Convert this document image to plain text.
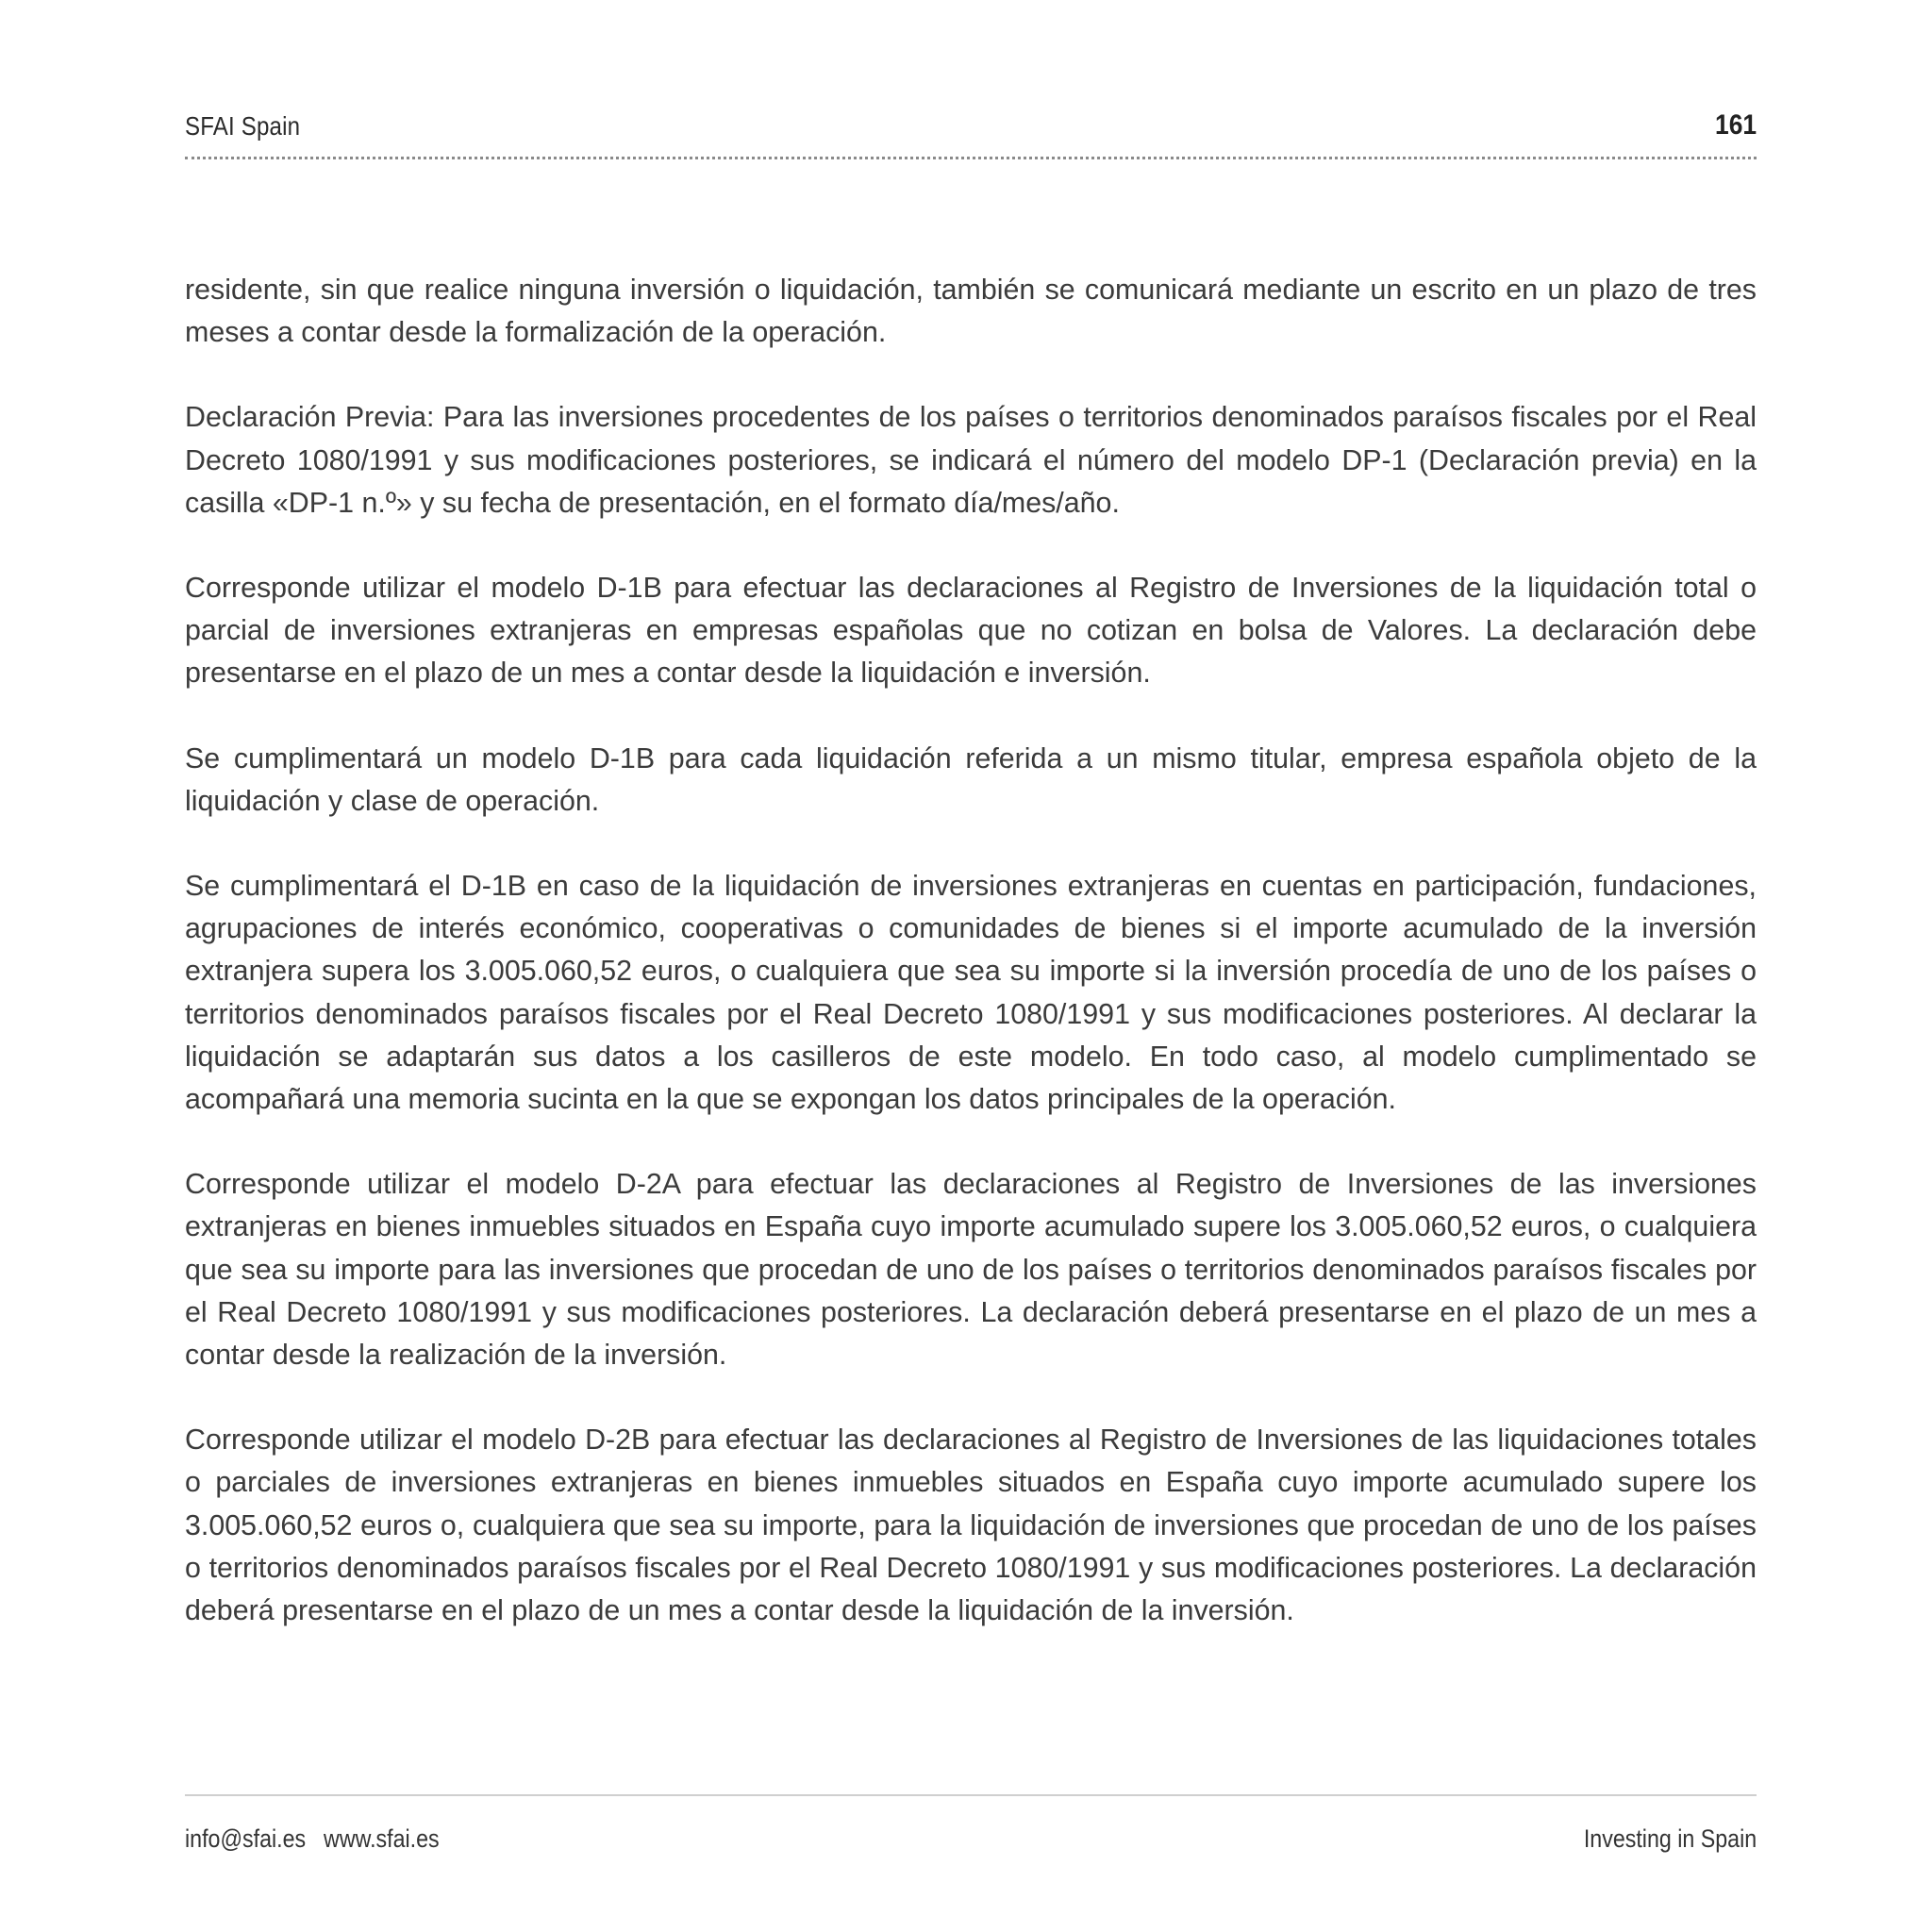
SFAI Spain	161

residente, sin que realice ninguna inversión o liquidación, también se comunicará mediante un escrito en un plazo de tres meses a contar desde la formalización de la operación.

Declaración Previa: Para las inversiones procedentes de los países o territorios denominados paraísos fiscales por el Real Decreto 1080/1991 y sus modificaciones posteriores, se indicará el número del modelo DP-1 (Declaración previa) en la casilla «DP-1 n.º» y su fecha de presentación, en el formato día/mes/año.

Corresponde utilizar el modelo D-1B para efectuar las declaraciones al Registro de Inversiones de la liquidación total o parcial de inversiones extranjeras en empresas españolas que no cotizan en bolsa de Valores. La declaración debe presentarse en el plazo de un mes a contar desde la liquidación e inversión.

Se cumplimentará un modelo D-1B para cada liquidación referida a un mismo titular, empresa española objeto de la liquidación y clase de operación.

Se cumplimentará el D-1B en caso de la liquidación de inversiones extranjeras en cuentas en participación, fundaciones, agrupaciones de interés económico, cooperativas o comunidades de bienes si el importe acumulado de la inversión extranjera supera los 3.005.060,52 euros, o cualquiera que sea su importe si la inversión procedía de uno de los países o territorios denominados paraísos fiscales por el Real Decreto 1080/1991 y sus modificaciones posteriores. Al declarar la liquidación se adaptarán sus datos a los casilleros de este modelo. En todo caso, al modelo cumplimentado se acompañará una memoria sucinta en la que se expongan los datos principales de la operación.

Corresponde utilizar el modelo D-2A para efectuar las declaraciones al Registro de Inversiones de las inversiones extranjeras en bienes inmuebles situados en España cuyo importe acumulado supere los 3.005.060,52 euros, o cualquiera que sea su importe para las inversiones que procedan de uno de los países o territorios denominados paraísos fiscales por el Real Decreto 1080/1991 y sus modificaciones posteriores. La declaración deberá presentarse en el plazo de un mes a contar desde la realización de la inversión.

Corresponde utilizar el modelo D-2B para efectuar las declaraciones al Registro de Inversiones de las liquidaciones totales o parciales de inversiones extranjeras en bienes inmuebles situados en España cuyo importe acumulado supere los 3.005.060,52 euros o, cualquiera que sea su importe, para la liquidación de inversiones que procedan de uno de los países o territorios denominados paraísos fiscales por el Real Decreto 1080/1991 y sus modificaciones posteriores. La declaración deberá presentarse en el plazo de un mes a contar desde la liquidación de la inversión.

info@sfai.es www.sfai.es	Investing in Spain
